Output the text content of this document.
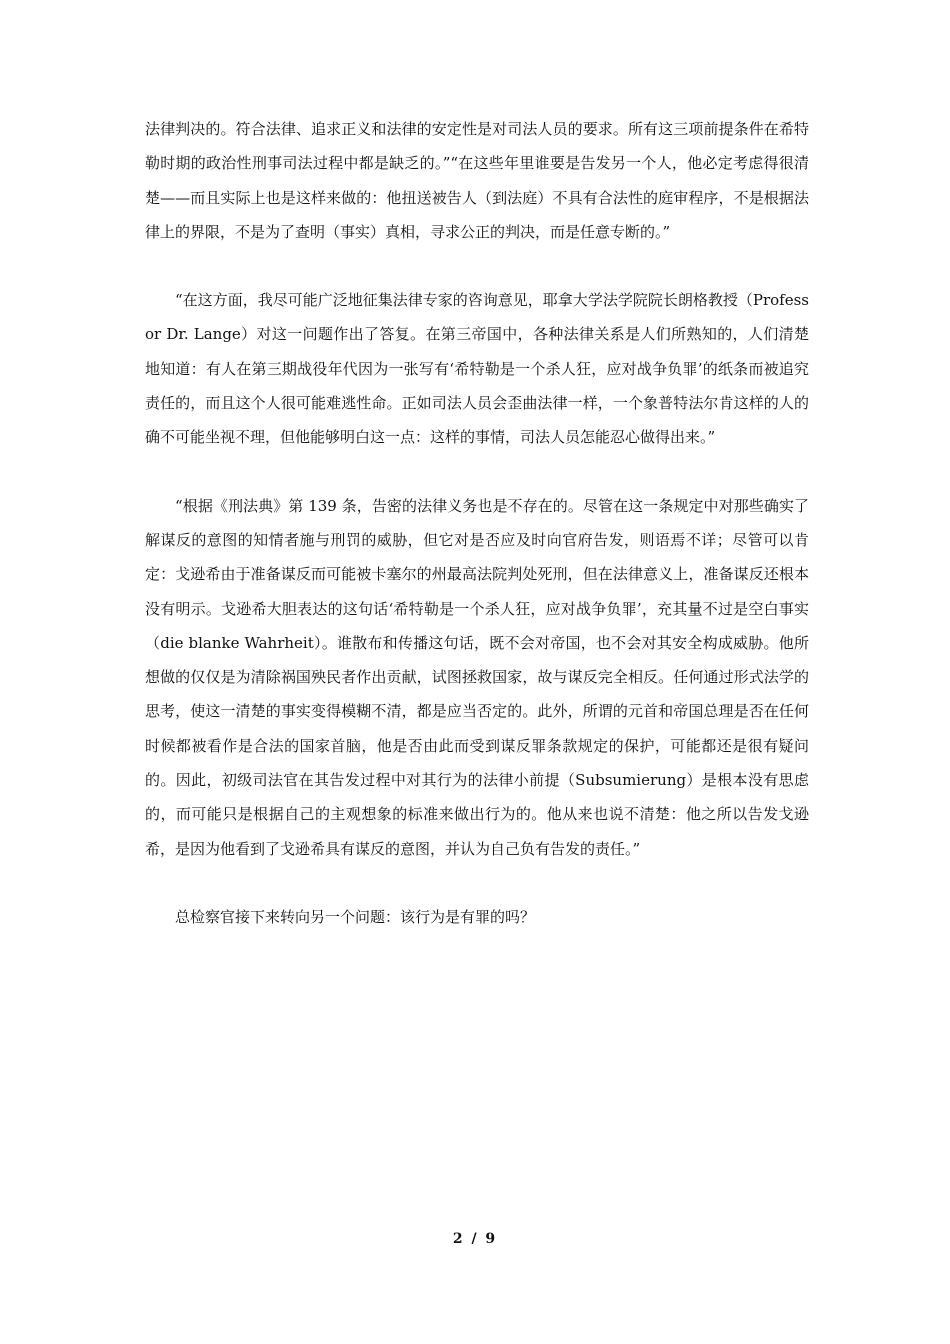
法律判决的。符合法律、追求正义和法律的安定性是对司法人员的要求。所有这三项前提条件在希特勒时期的政治性刑事司法过程中都是缺乏的。”“在这些年里谁要是告发另一个人，他必定考虑得很清楚——而且实际上也是这样来做的：他扭送被告人（到法庭）不具有合法性的庭审程序，不是根据法律上的界限，不是为了查明（事实）真相，寻求公正的判决，而是任意专断的。”

“在这方面，我尽可能广泛地征集法律专家的咨询意见，耶拿大学法学院院长朗格教授（Professor Dr. Lange）对这一问题作出了答复。在第三帝国中，各种法律关系是人们所熟知的，人们清楚地知道：有人在第三期战役年代因为一张写有‘希特勒是一个杀人狂，应对战争负罪’的纸条而被追究责任的，而且这个人很可能难逃性命。正如司法人员会歪曲法律一样，一个象普特法尔肯这样的人的确不可能坐视不理，但他能够明白这一点：这样的事情，司法人员怎能忍心做得出来。”

“根据《刑法典》第 139 条，告密的法律义务也是不存在的。尽管在这一条规定中对那些确实了解谋反的意图的知情者施与刑罚的威胁，但它对是否应及时向官府告发，则语焉不详；尽管可以肯定：戈逊希由于准备谋反而可能被卡塞尔的州最高法院判处死刑，但在法律意义上，准备谋反还根本没有明示。戈逊希大胆表达的这句话‘希特勒是一个杀人狂，应对战争负罪’，充其量不过是空白事实（die blanke Wahrheit）。谁散布和传播这句话，既不会对帝国，也不会对其安全构成威胁。他所想做的仅仅是为清除祸国殃民者作出贡献，试图拯救国家，故与谋反完全相反。任何通过形式法学的思考，使这一清楚的事实变得模糊不清，都是应当否定的。此外，所谓的元首和帝国总理是否在任何时候都被看作是合法的国家首脑，他是否由此而受到谋反罪条款规定的保护，可能都还是很有疑问的。因此，初级司法官在其告发过程中对其行为的法律小前提（Subsumierung）是根本没有思虑的，而可能只是根据自己的主观想象的标准来做出行为的。他从来也说不清楚：他之所以告发戈逊希，是因为他看到了戈逊希具有谋反的意图，并认为自己负有告发的责任。”

总检察官接下来转向另一个问题：该行为是有罪的吗？

2 / 9
